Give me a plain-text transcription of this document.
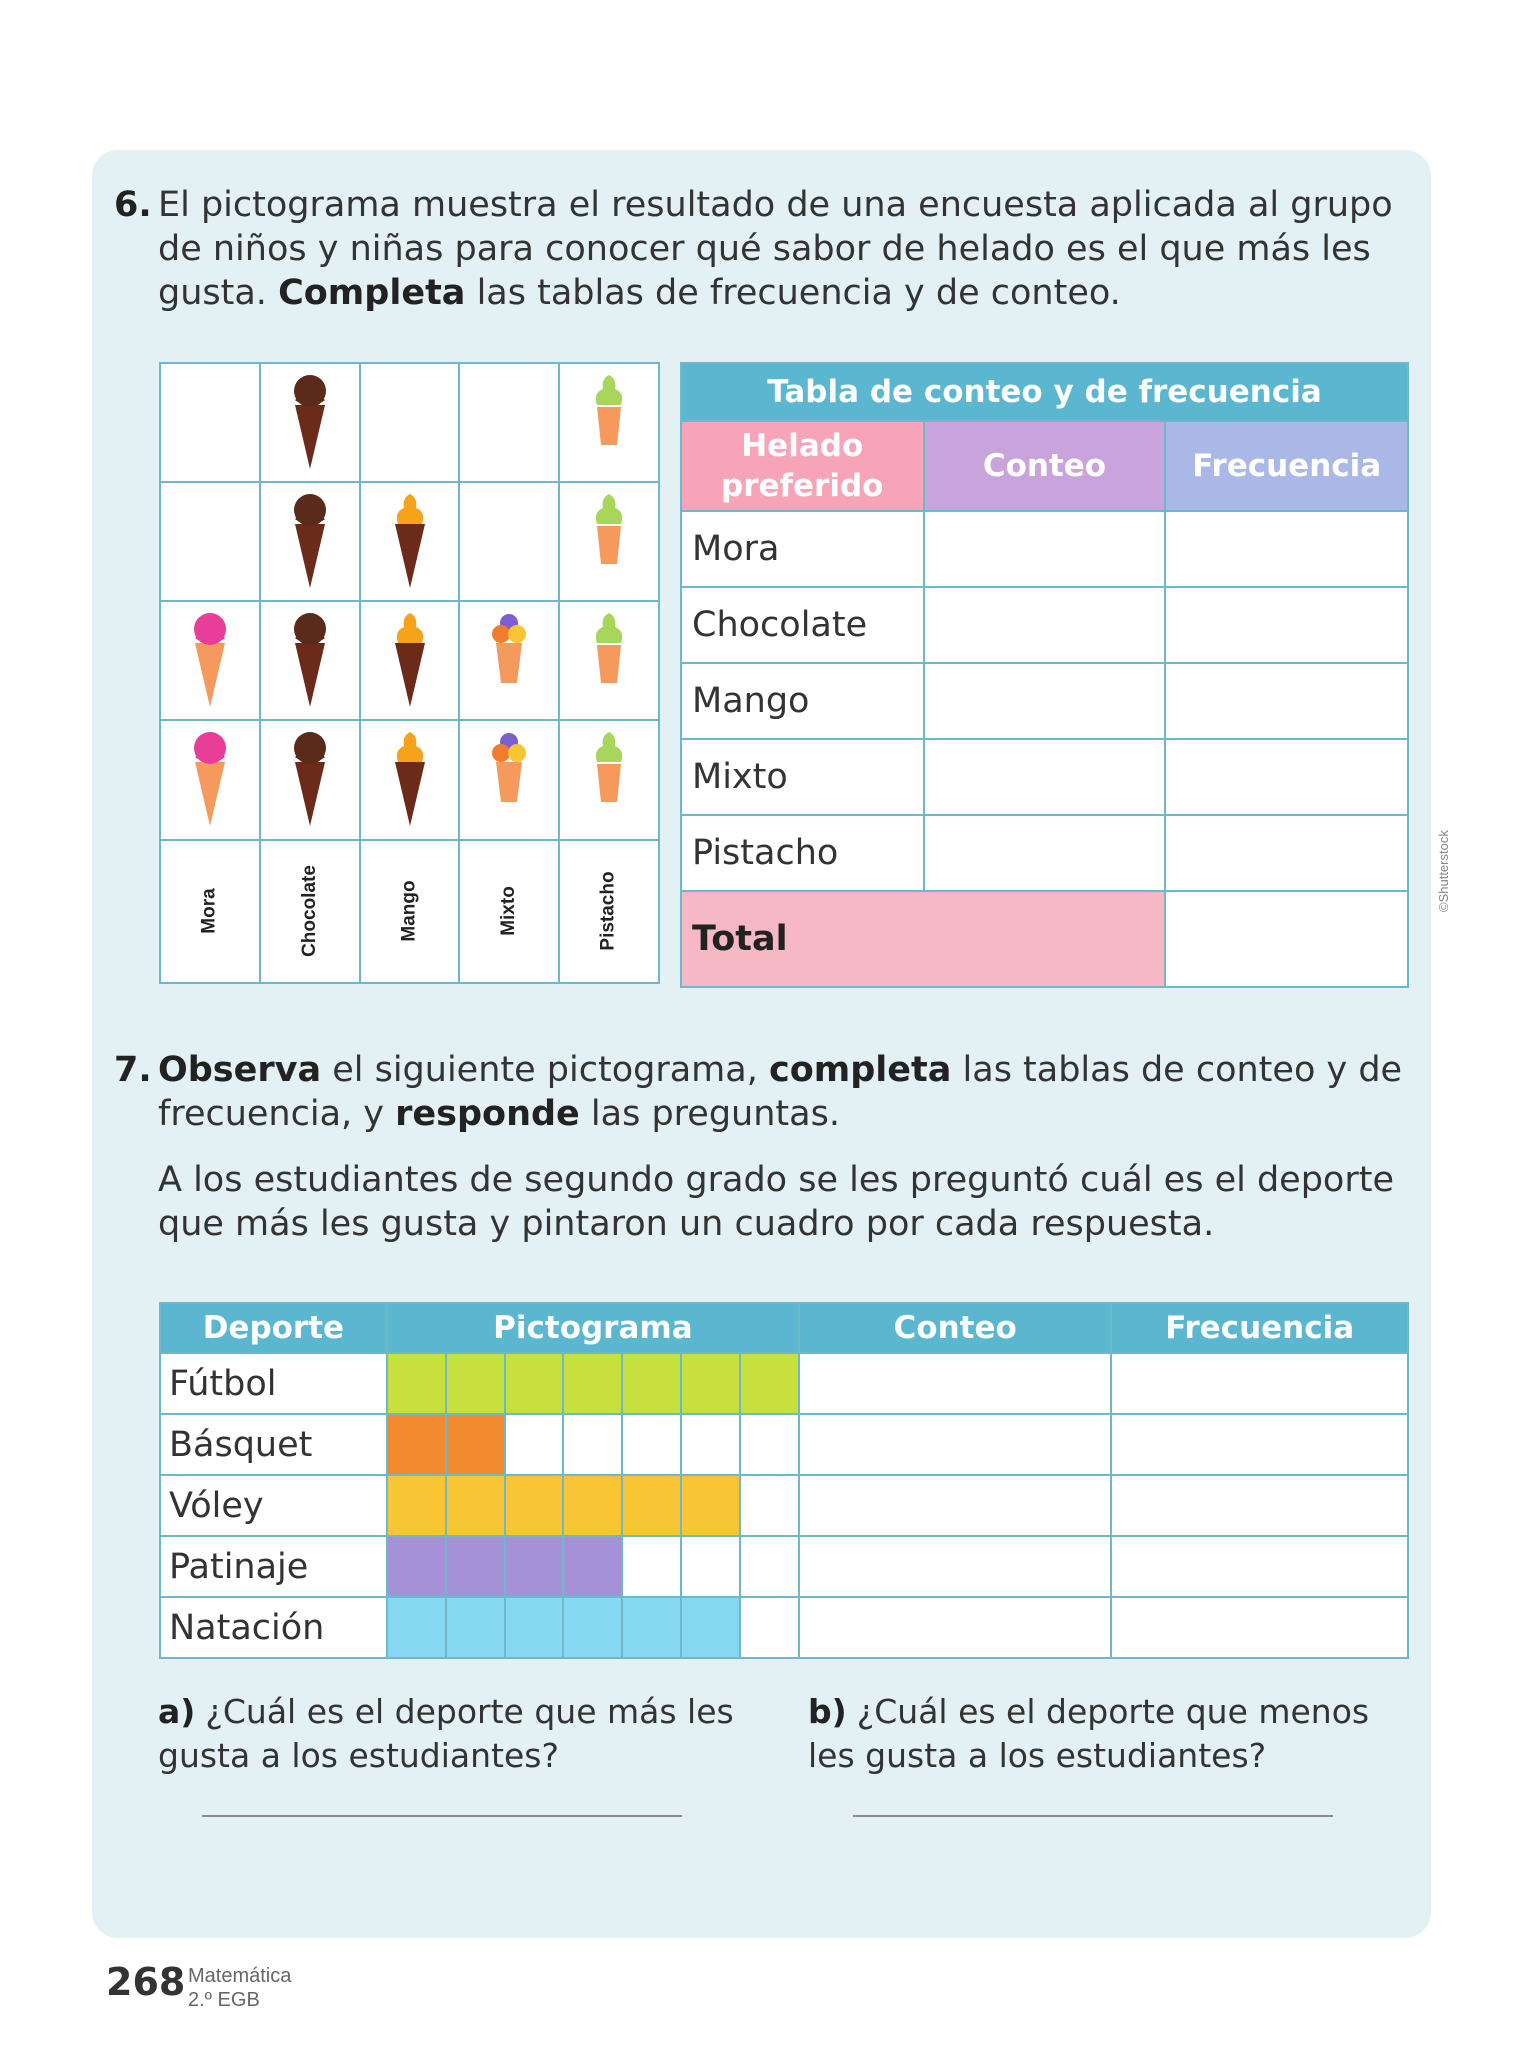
6. El pictograma muestra el resultado de una encuesta aplicada al grupo de niños y niñas para conocer qué sabor de helado es el que más les gusta. Completa las tablas de frecuencia y de conteo.

Mora	Chocolate	Mango	Mixto	Pistacho
Tabla de conteo y de frecuencia		
Helado preferido	Conteo	Frecuencia
Mora		
Chocolate		
Mango		
Mixto		
Pistacho		
Total		
©Shutterstock
7. Observa el siguiente pictograma, completa las tablas de conteo y de frecuencia, y responde las preguntas.
A los estudiantes de segundo grado se les preguntó cuál es el deporte que más les gusta y pintaron un cuadro por cada respuesta.
Deporte	Pictograma							Conteo	Frecuencia
Fútbol									
Básquet									
Vóley									
Patinaje									
Natación									
a) ¿Cuál es el deporte que más les gusta a los estudiantes?
b) ¿Cuál es el deporte que menos les gusta a los estudiantes?
268 Matemática
2.º EGB
